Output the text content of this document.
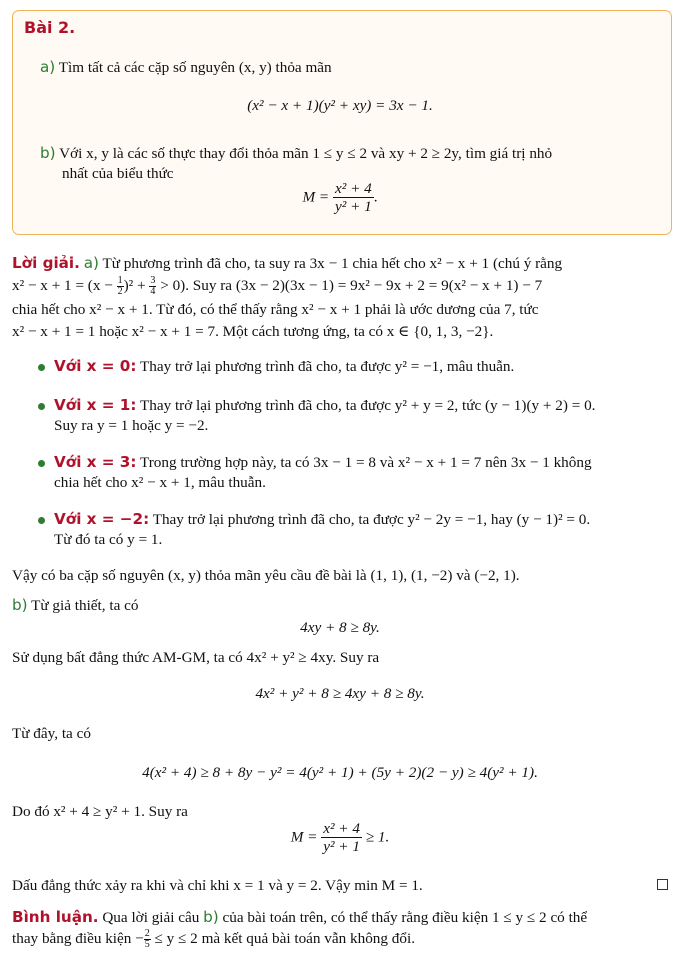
Bài 2.
a) Tìm tất cả các cặp số nguyên (x, y) thỏa mãn
(x² − x + 1)(y² + xy) = 3x − 1.
b) Với x, y là các số thực thay đổi thỏa mãn 1 ≤ y ≤ 2 và xy + 2 ≥ 2y, tìm giá trị nhỏ
nhất của biểu thức
$M = \frac{\text{x² + 4}}{\text{y² + 1}}$ .
Lời giải. a) Từ phương trình đã cho, ta suy ra 3x − 1 chia hết cho x² − x + 1 (chú ý rằng
$x^2 - x + 1 = (x - \frac{1}{2} )^2 + \frac{3}{4} > 0$). Suy ra (3x − 2)(3x − 1) = 9x² − 9x + 2 = 9(x² − x + 1) − 7
chia hết cho x² − x + 1. Từ đó, có thể thấy rằng x² − x + 1 phải là ước dương của 7, tức
x² − x + 1 = 1 hoặc x² − x + 1 = 7. Một cách tương ứng, ta có x ∈ {0, 1, 3, −2}.
Với x = 0: Thay trở lại phương trình đã cho, ta được y² = −1, mâu thuẫn.
Với x = 1: Thay trở lại phương trình đã cho, ta được y² + y = 2, tức (y − 1)(y + 2) = 0.
Suy ra y = 1 hoặc y = −2.
Với x = 3: Trong trường hợp này, ta có 3x − 1 = 8 và x² − x + 1 = 7 nên 3x − 1 không
chia hết cho x² − x + 1, mâu thuẫn.
Với x = −2: Thay trở lại phương trình đã cho, ta được y² − 2y = −1, hay (y − 1)² = 0.
Từ đó ta có y = 1.
Vậy có ba cặp số nguyên (x, y) thỏa mãn yêu cầu đề bài là (1, 1), (1, −2) và (−2, 1).
b) Từ giả thiết, ta có
4xy + 8 ≥ 8y.
Sử dụng bất đẳng thức AM-GM, ta có 4x² + y² ≥ 4xy. Suy ra
4x² + y² + 8 ≥ 4xy + 8 ≥ 8y.
Từ đây, ta có
4(x² + 4) ≥ 8 + 8y − y² = 4(y² + 1) + (5y + 2)(2 − y) ≥ 4(y² + 1).
Do đó x² + 4 ≥ y² + 1. Suy ra
$M = \frac{\text{x² + 4}}{\text{y² + 1}} \ge 1$.
Dấu đẳng thức xảy ra khi và chỉ khi x = 1 và y = 2. Vậy min M = 1.
Bình luận. Qua lời giải câu b) của bài toán trên, có thể thấy rằng điều kiện 1 ≤ y ≤ 2 có thể
thay bằng điều kiện − $\frac{2}{5} \le y \le 2$ mà kết quả bài toán vẫn không đổi.
